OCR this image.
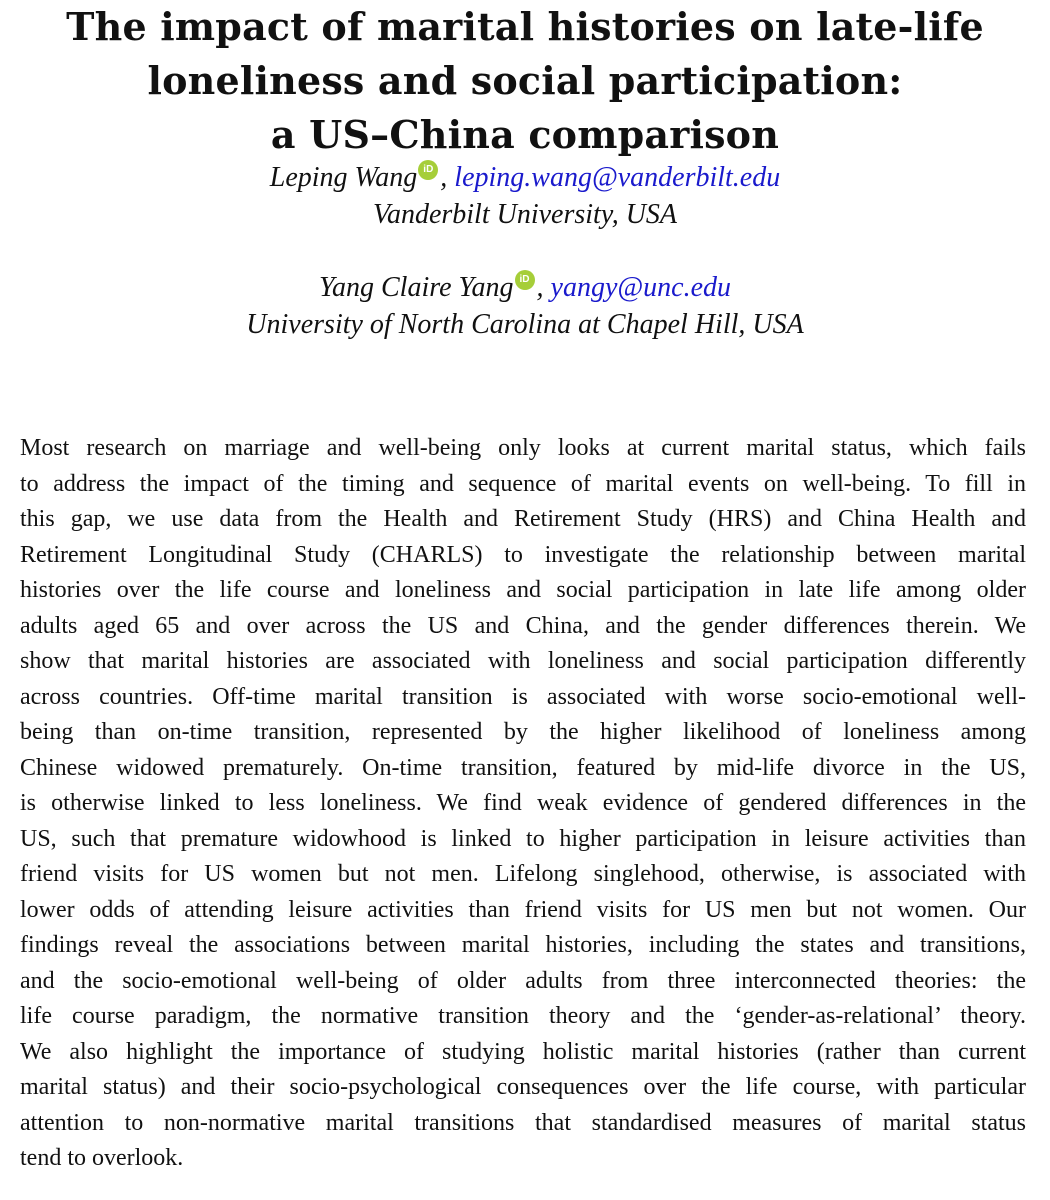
The impact of marital histories on late-life
loneliness and social participation:
a US–China comparison
Leping Wang iD , leping.wang@vanderbilt.edu
Vanderbilt University, USA
Yang Claire Yang iD , yangy@unc.edu
University of North Carolina at Chapel Hill, USA
Most research on marriage and well-being only looks at current marital status, which fails
to address the impact of the timing and sequence of marital events on well-being. To fill in
this gap, we use data from the Health and Retirement Study (HRS) and China Health and
Retirement Longitudinal Study (CHARLS) to investigate the relationship between marital
histories over the life course and loneliness and social participation in late life among older
adults aged 65 and over across the US and China, and the gender differences therein. We
show that marital histories are associated with loneliness and social participation differently
across countries. Off-time marital transition is associated with worse socio-emotional well-
being than on-time transition, represented by the higher likelihood of loneliness among
Chinese widowed prematurely. On-time transition, featured by mid-life divorce in the US,
is otherwise linked to less loneliness. We find weak evidence of gendered differences in the
US, such that premature widowhood is linked to higher participation in leisure activities than
friend visits for US women but not men. Lifelong singlehood, otherwise, is associated with
lower odds of attending leisure activities than friend visits for US men but not women. Our
findings reveal the associations between marital histories, including the states and transitions,
and the socio-emotional well-being of older adults from three interconnected theories: the
life course paradigm, the normative transition theory and the ‘gender-as-relational’ theory.
We also highlight the importance of studying holistic marital histories (rather than current
marital status) and their socio-psychological consequences over the life course, with particular
attention to non-normative marital transitions that standardised measures of marital status
tend to overlook.
